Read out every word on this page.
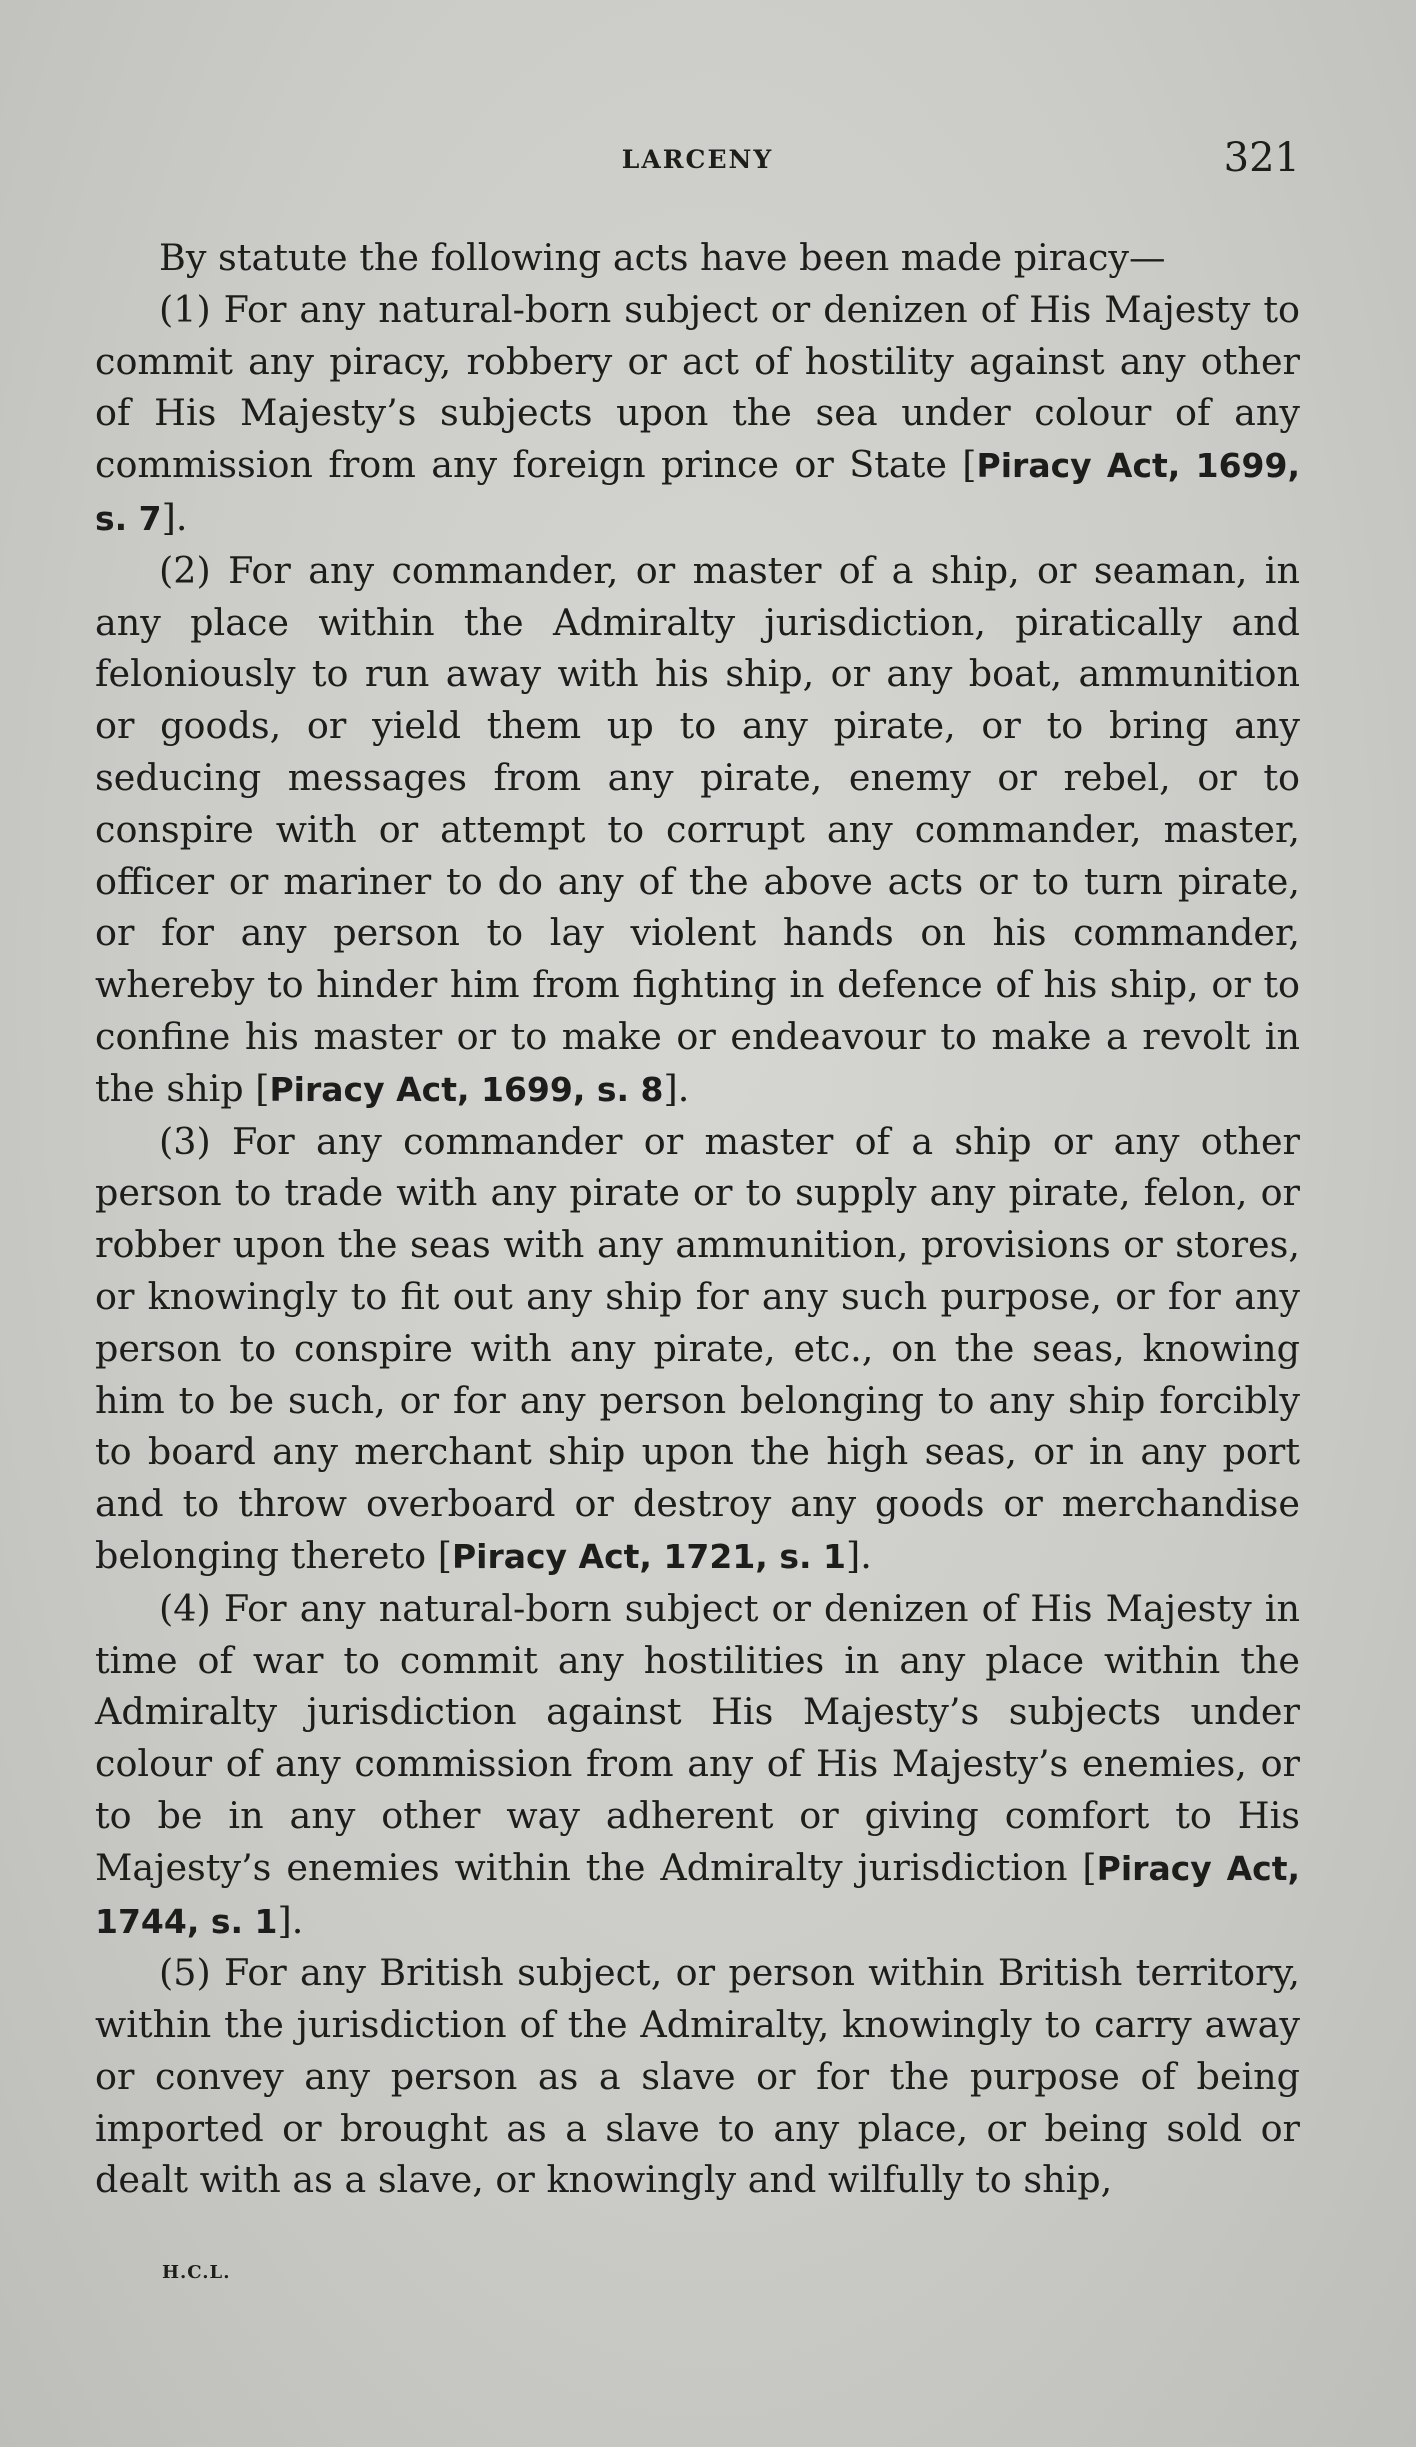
LARCENY	321

By statute the following acts have been made piracy—

(1) For any natural-born subject or denizen of His Majesty to commit any piracy, robbery or act of hostility against any other of His Majesty’s subjects upon the sea under colour of any commission from any foreign prince or State [Piracy Act, 1699, s. 7].

(2) For any commander, or master of a ship, or seaman, in any place within the Admiralty jurisdiction, piratically and feloniously to run away with his ship, or any boat, ammunition or goods, or yield them up to any pirate, or to bring any seducing messages from any pirate, enemy or rebel, or to conspire with or attempt to corrupt any commander, master, officer or mariner to do any of the above acts or to turn pirate, or for any person to lay violent hands on his commander, whereby to hinder him from fighting in defence of his ship, or to confine his master or to make or endeavour to make a revolt in the ship [Piracy Act, 1699, s. 8].

(3) For any commander or master of a ship or any other person to trade with any pirate or to supply any pirate, felon, or robber upon the seas with any ammunition, provisions or stores, or knowingly to fit out any ship for any such purpose, or for any person to conspire with any pirate, etc., on the seas, knowing him to be such, or for any person belonging to any ship forcibly to board any merchant ship upon the high seas, or in any port and to throw overboard or destroy any goods or merchandise belonging thereto [Piracy Act, 1721, s. 1].

(4) For any natural-born subject or denizen of His Majesty in time of war to commit any hostilities in any place within the Admiralty jurisdiction against His Majesty’s subjects under colour of any commission from any of His Majesty’s enemies, or to be in any other way adherent or giving comfort to His Majesty’s enemies within the Admiralty jurisdiction [Piracy Act, 1744, s. 1].

(5) For any British subject, or person within British territory, within the jurisdiction of the Admiralty, knowingly to carry away or convey any person as a slave or for the purpose of being imported or brought as a slave to any place, or being sold or dealt with as a slave, or knowingly and wilfully to ship,

H.C.L.
